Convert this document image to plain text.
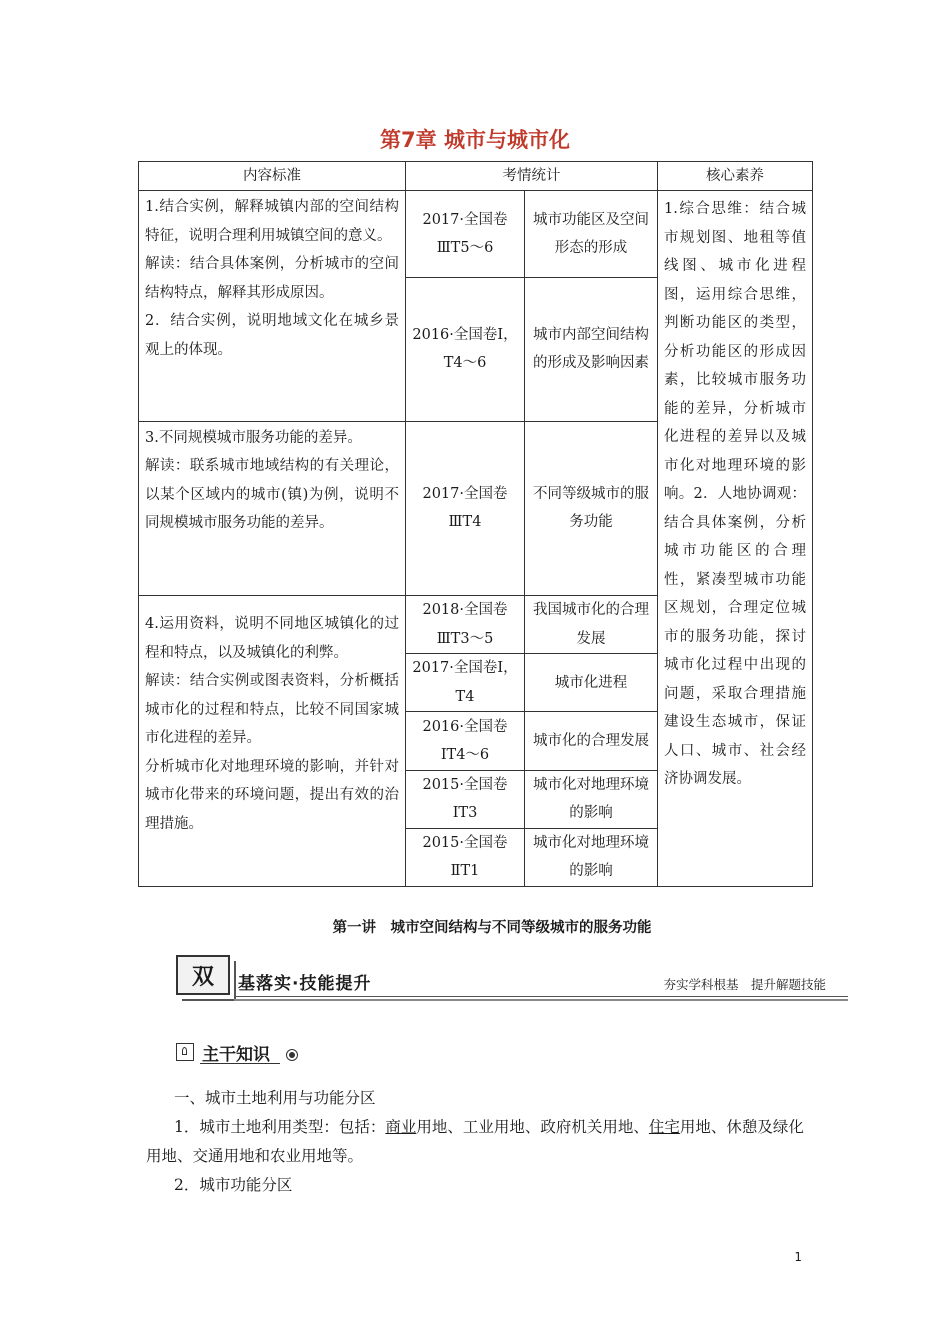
第7章 城市与城市化
内容标准	考情统计		核心素养

1.结合实例，解释城镇内部的空间结构特征，说明合理利用城镇空间的意义。

解读：结合具体案例，分析城市的空间结构特点，解释其形成原因。

2．结合实例，说明地域文化在城乡景观上的体现。	2017·全国卷ⅢT5～6	城市功能区及空间形态的形成	1.综合思维：结合城市规划图、地租等值线图、城市化进程图，运用综合思维，判断功能区的类型，分析功能区的形成因素，比较城市服务功能的差异，分析城市化进程的差异以及城市化对地理环境的影响。2．人地协调观：结合具体案例，分析城市功能区的合理性，紧凑型城市功能区规划，合理定位城市的服务功能，探讨城市化过程中出现的问题，采取合理措施建设生态城市，保证人口、城市、社会经济协调发展。
	2016·全国卷Ⅰ，T4～6	城市内部空间结构的形成及影响因素	

3.不同规模城市服务功能的差异。

解读：联系城市地域结构的有关理论，以某个区域内的城市(镇)为例，说明不同规模城市服务功能的差异。	2017·全国卷ⅢT4	不同等级城市的服务功能	

4.运用资料，说明不同地区城镇化的过程和特点，以及城镇化的利弊。

解读：结合实例或图表资料，分析概括城市化的过程和特点，比较不同国家城市化进程的差异。

分析城市化对地理环境的影响，并针对城市化带来的环境问题，提出有效的治理措施。	2018·全国卷ⅢT3～5	我国城市化的合理发展	
	2017·全国卷Ⅰ，T4	城市化进程	
	2016·全国卷ⅠT4～6	城市化的合理发展	
	2015·全国卷ⅠT3	城市化对地理环境的影响	
	2015·全国卷ⅡT1	城市化对地理环境的影响	
第一讲　城市空间结构与不同等级城市的服务功能
双	基落实·技能提升	夯实学科根基　提升解题技能
主干知识
一、城市土地利用与功能分区
1．城市土地利用类型：包括：商业用地、工业用地、政府机关用地、住宅用地、休憩及绿化用地、交通用地和农业用地等。
2．城市功能分区
1
